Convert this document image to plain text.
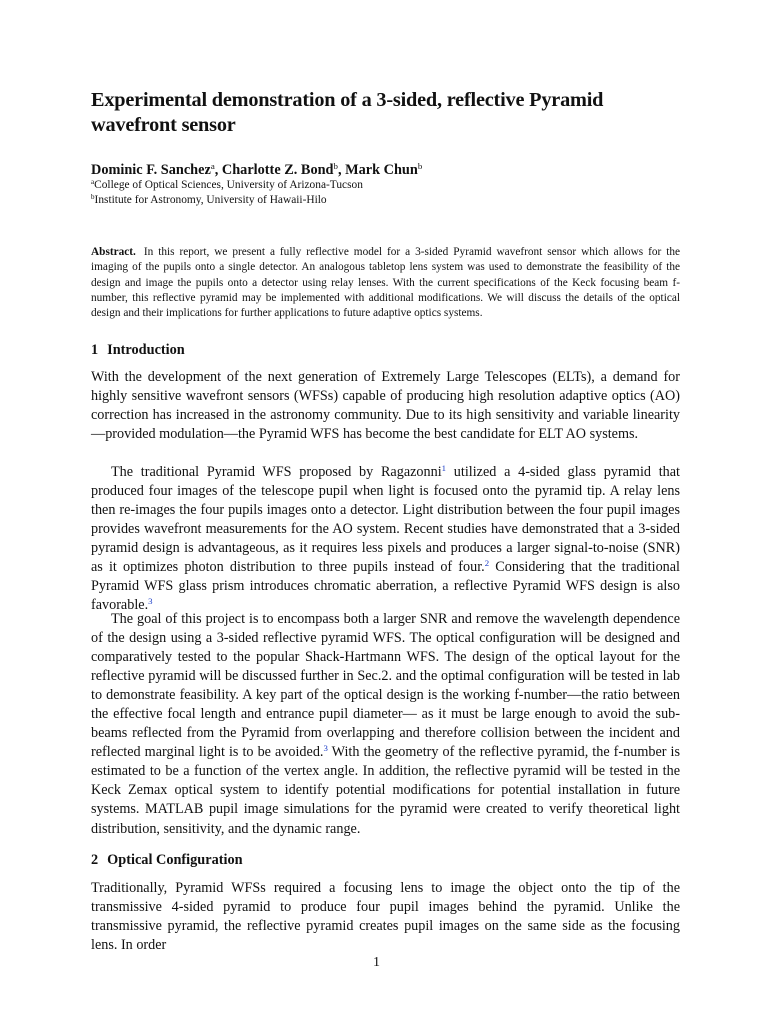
Experimental demonstration of a 3-sided, reflective Pyramid wavefront sensor

Dominic F. Sanchez$^a$, Charlotte Z. Bond$^b$, Mark Chun$^b$

$^a$College of Optical Sciences, University of Arizona-Tucson

$^b$Institute for Astronomy, University of Hawaii-Hilo

Abstract. In this report, we present a fully reflective model for a 3-sided Pyramid wavefront sensor which allows for the imaging of the pupils onto a single detector. An analogous tabletop lens system was used to demonstrate the feasibility of the design and image the pupils onto a detector using relay lenses. With the current specifications of the Keck focusing beam f-number, this reflective pyramid may be implemented with additional modifications. We will discuss the details of the optical design and their implications for further applications to future adaptive optics systems.

1 Introduction

With the development of the next generation of Extremely Large Telescopes (ELTs), a demand for highly sensitive wavefront sensors (WFSs) capable of producing high resolution adaptive optics (AO) correction has increased in the astronomy community. Due to its high sensitivity and variable linearity—provided modulation—the Pyramid WFS has become the best candidate for ELT AO systems.

The traditional Pyramid WFS proposed by Ragazonni$^1$ utilized a 4-sided glass pyramid that produced four images of the telescope pupil when light is focused onto the pyramid tip. A relay lens then re-images the four pupils images onto a detector. Light distribution between the four pupil images provides wavefront measurements for the AO system. Recent studies have demonstrated that a 3-sided pyramid design is advantageous, as it requires less pixels and produces a larger signal-to-noise (SNR) as it optimizes photon distribution to three pupils instead of four.$^2$ Considering that the traditional Pyramid WFS glass prism introduces chromatic aberration, a reflective Pyramid WFS design is also favorable.$^3$

The goal of this project is to encompass both a larger SNR and remove the wavelength dependence of the design using a 3-sided reflective pyramid WFS. The optical configuration will be designed and comparatively tested to the popular Shack-Hartmann WFS. The design of the optical layout for the reflective pyramid will be discussed further in Sec.2. and the optimal configuration will be tested in lab to demonstrate feasibility. A key part of the optical design is the working f-number—the ratio between the effective focal length and entrance pupil diameter— as it must be large enough to avoid the sub-beams reflected from the Pyramid from overlapping and therefore collision between the incident and reflected marginal light is to be avoided.$^3$ With the geometry of the reflective pyramid, the f-number is estimated to be a function of the vertex angle. In addition, the reflective pyramid will be tested in the Keck Zemax optical system to identify potential modifications for potential installation in future systems. MATLAB pupil image simulations for the pyramid were created to verify theoretical light distribution, sensitivity, and the dynamic range.

2 Optical Configuration

Traditionally, Pyramid WFSs required a focusing lens to image the object onto the tip of the transmissive 4-sided pyramid to produce four pupil images behind the pyramid. Unlike the transmissive pyramid, the reflective pyramid creates pupil images on the same side as the focusing lens. In order

1
